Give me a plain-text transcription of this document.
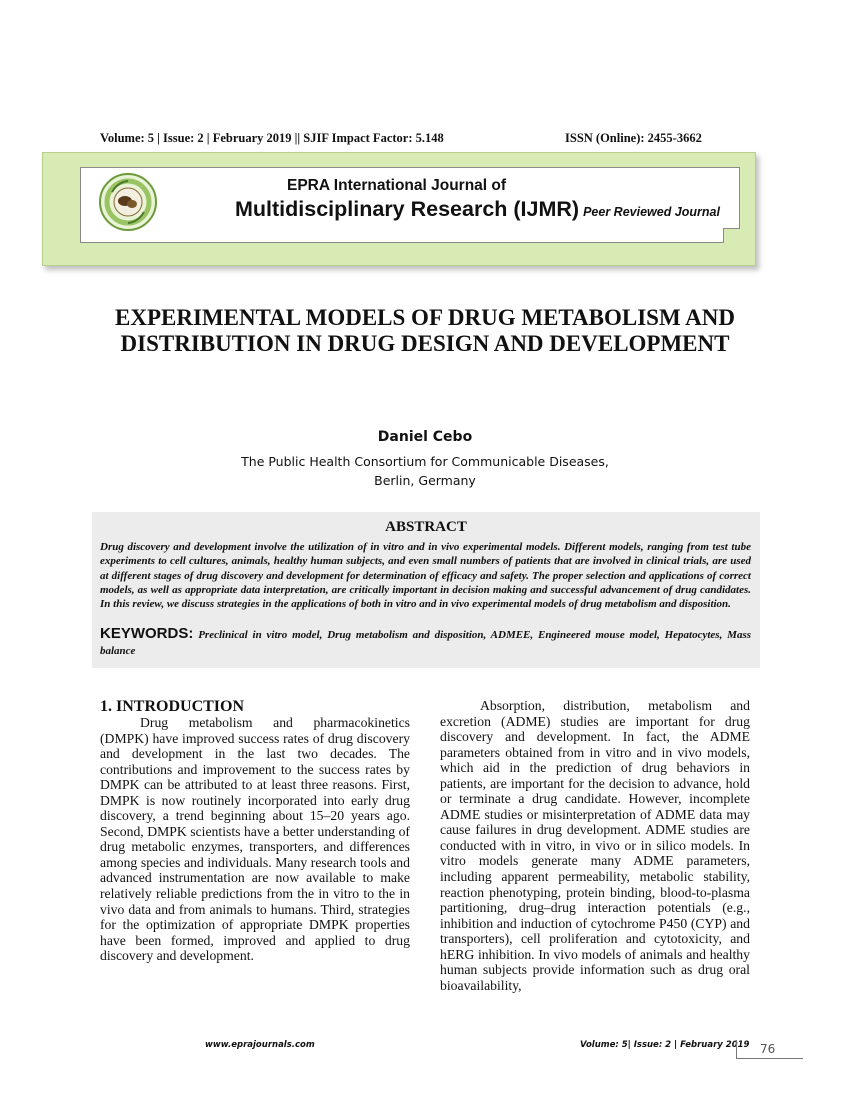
Volume: 5 | Issue: 2 | February 2019 || SJIF Impact Factor: 5.148	ISSN (Online): 2455-3662
EPRA International Journal of
Multidisciplinary Research (IJMR) Peer Reviewed Journal
EXPERIMENTAL MODELS OF DRUG METABOLISM AND DISTRIBUTION IN DRUG DESIGN AND DEVELOPMENT
Daniel Cebo
The Public Health Consortium for Communicable Diseases,
Berlin, Germany
ABSTRACT
Drug discovery and development involve the utilization of in vitro and in vivo experimental models. Different models, ranging from test tube experiments to cell cultures, animals, healthy human subjects, and even small numbers of patients that are involved in clinical trials, are used at different stages of drug discovery and development for determination of efficacy and safety. The proper selection and applications of correct models, as well as appropriate data interpretation, are critically important in decision making and successful advancement of drug candidates. In this review, we discuss strategies in the applications of both in vitro and in vivo experimental models of drug metabolism and disposition.
KEYWORDS: Preclinical in vitro model, Drug metabolism and disposition, ADMEE, Engineered mouse model, Hepatocytes, Mass balance
1. INTRODUCTION

Drug metabolism and pharmacokinetics (DMPK) have improved success rates of drug discovery and development in the last two decades. The contributions and improvement to the success rates by DMPK can be attributed to at least three reasons. First, DMPK is now routinely incorporated into early drug discovery, a trend beginning about 15–20 years ago. Second, DMPK scientists have a better understanding of drug metabolic enzymes, transporters, and differences among species and individuals. Many research tools and advanced instrumentation are now available to make relatively reliable predictions from the in vitro to the in vivo data and from animals to humans. Third, strategies for the optimization of appropriate DMPK properties have been formed, improved and applied to drug discovery and development.

Absorption, distribution, metabolism and excretion (ADME) studies are important for drug discovery and development. In fact, the ADME parameters obtained from in vitro and in vivo models, which aid in the prediction of drug behaviors in patients, are important for the decision to advance, hold or terminate a drug candidate. However, incomplete ADME studies or misinterpretation of ADME data may cause failures in drug development. ADME studies are conducted with in vitro, in vivo or in silico models. In vitro models generate many ADME parameters, including apparent permeability, metabolic stability, reaction phenotyping, protein binding, blood-to-plasma partitioning, drug–drug interaction potentials (e.g., inhibition and induction of cytochrome P450 (CYP) and transporters), cell proliferation and cytotoxicity, and hERG inhibition. In vivo models of animals and healthy human subjects provide information such as drug oral bioavailability,

www.eprajournals.com	Volume: 5| Issue: 2 | February 2019 76
